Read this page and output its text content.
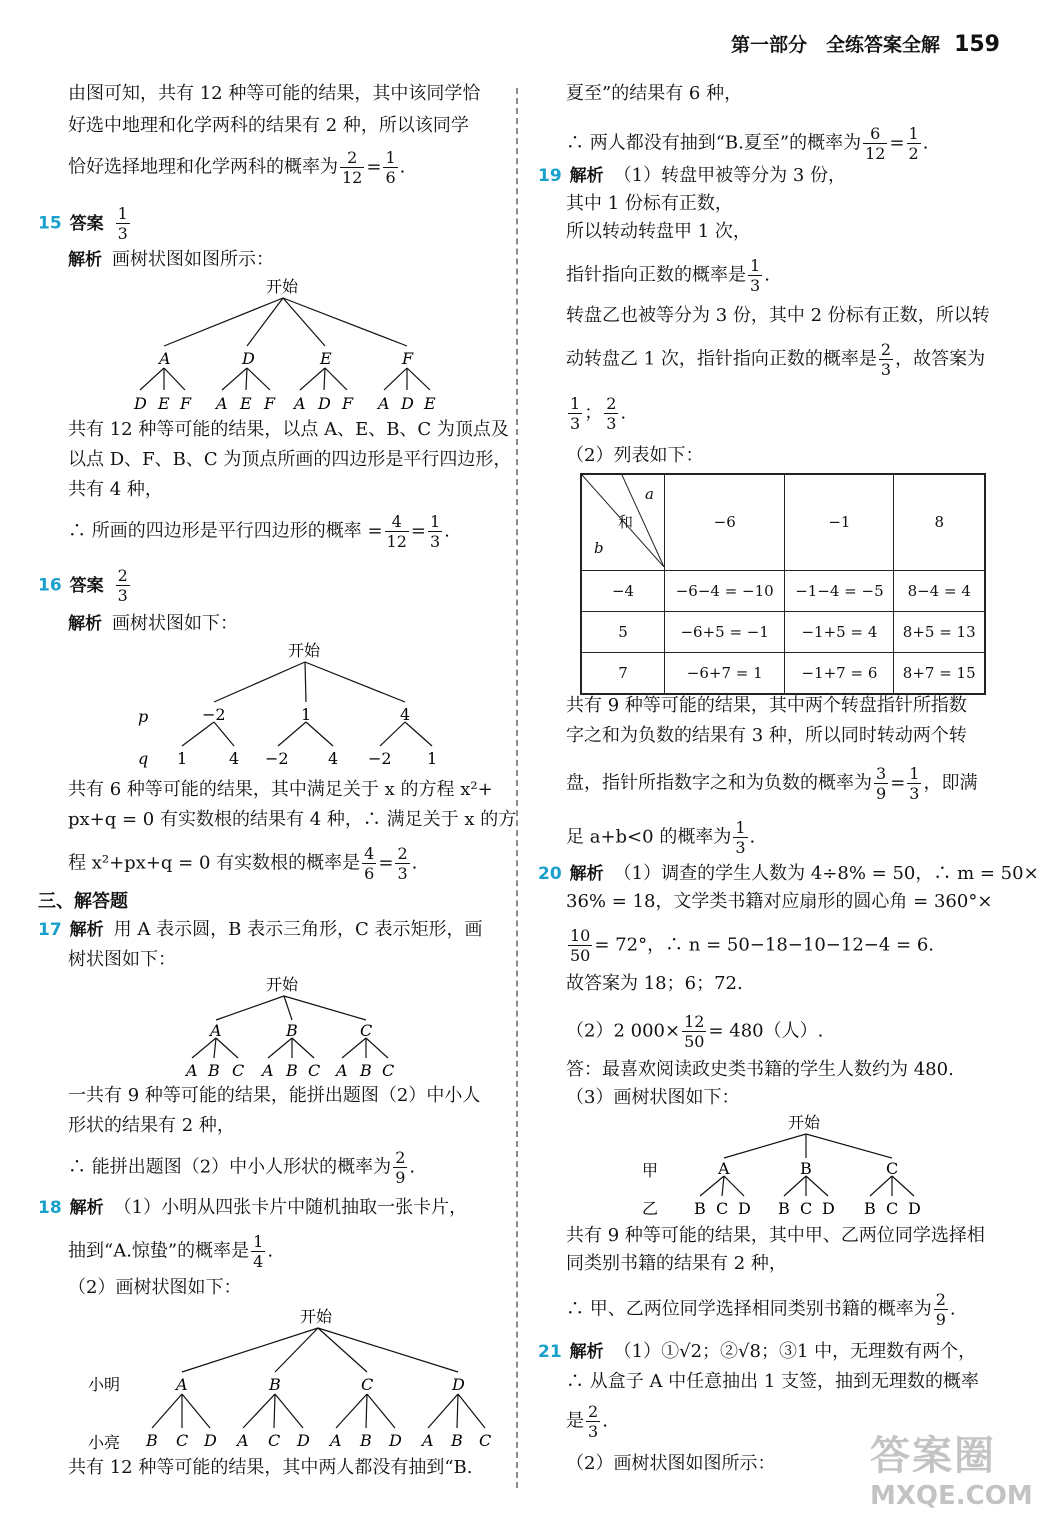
第一部分　全练答案全解 159
由图可知，共有 12 种等可能的结果，其中该同学恰
好选中地理和化学两科的结果有 2 种，所以该同学
恰好选择地理和化学两科的概率为 $\frac{2}{12} = \frac{1}{6}$ .
15 答案 $\frac{1}{3}$
解析 画树状图如图所示：
开始
A	D	E	F
D E F A E F A D F A D E
共有 12 种等可能的结果，以点 A、E、B、C 为顶点及
以点 D、F、B、C 为顶点所画的四边形是平行四边形，
共有 4 种，
∴ 所画的四边形是平行四边形的概率 = $\frac{4}{12} = \frac{1}{3}$ .
16 答案 $\frac{2}{3}$
解析 画树状图如下：
开始
p
q
−2	1	4
1	4 −2 4 −2 1
共有 6 种等可能的结果，其中满足关于 x 的方程 x²+
px+q = 0 有实数根的结果有 4 种，∴ 满足关于 x 的方
程 x²+px+q = 0 有实数根的概率是 $\frac{4}{6} = \frac{2}{3}$ .
三、解答题
17 解析 用 A 表示圆，B 表示三角形，C 表示矩形，画
树状图如下：
开始
A	B	C
A B C A B C A B C
一共有 9 种等可能的结果，能拼出题图（2）中小人
形状的结果有 2 种，
∴ 能拼出题图（2）中小人形状的概率为 $\frac{2}{9}$ .
18 解析 （1）小明从四张卡片中随机抽取一张卡片，
抽到“A.惊蛰”的概率是 $\frac{1}{4}$ .
（2）画树状图如下：
开始
小明
小亮
A	B	C	D
B C D A C D A B D A B C
共有 12 种等可能的结果，其中两人都没有抽到“B.
夏至”的结果有 6 种，
∴ 两人都没有抽到“B.夏至”的概率为 $\frac{6}{12} = \frac{1}{2}$ .
19 解析 （1）转盘甲被等分为 3 份，
其中 1 份标有正数，
所以转动转盘甲 1 次，
指针指向正数的概率是 $\frac{1}{3}$ .
转盘乙也被等分为 3 份，其中 2 份标有正数，所以转
动转盘乙 1 次，指针指向正数的概率是 $\frac{2}{3}$ ，故答案为
$\frac{1}{3}$ ； $\frac{2}{3}$ .
（2）列表如下：
a
和
b	−6	−1	8
−4	−6−4 = −10	−1−4 = −5	8−4 = 4
5	−6+5 = −1	−1+5 = 4	8+5 = 13
7	−6+7 = 1	−1+7 = 6	8+7 = 15
共有 9 种等可能的结果，其中两个转盘指针所指数
字之和为负数的结果有 3 种，所以同时转动两个转
盘，指针所指数字之和为负数的概率为 $\frac{3}{9} = \frac{1}{3}$ ，即满
足 a+b<0 的概率为 $\frac{1}{3}$ .
20 解析 （1）调查的学生人数为 4÷8% = 50，∴ m = 50×
36% = 18，文学类书籍对应扇形的圆心角 = 360°×
$\frac{10}{50} = 72^\circ$，∴ n = 50−18−10−12−4 = 6.
故答案为 18；6；72.
（2）2 $000\times \frac{12}{50} = 480$（人）.
答：最喜欢阅读政史类书籍的学生人数约为 480.
（3）画树状图如下：
开始
甲
乙
A	B	C
B C D B C D B C D
共有 9 种等可能的结果，其中甲、乙两位同学选择相
同类别书籍的结果有 2 种，
∴ 甲、乙两位同学选择相同类别书籍的概率为 $\frac{2}{9}$ .
21 解析 （1）①√2；②√8；③1 中，无理数有两个，
∴ 从盒子 A 中任意抽出 1 支签，抽到无理数的概率
是 $\frac{2}{3}$ .
（2）画树状图如图所示： 答案圈
MXQE.COM
